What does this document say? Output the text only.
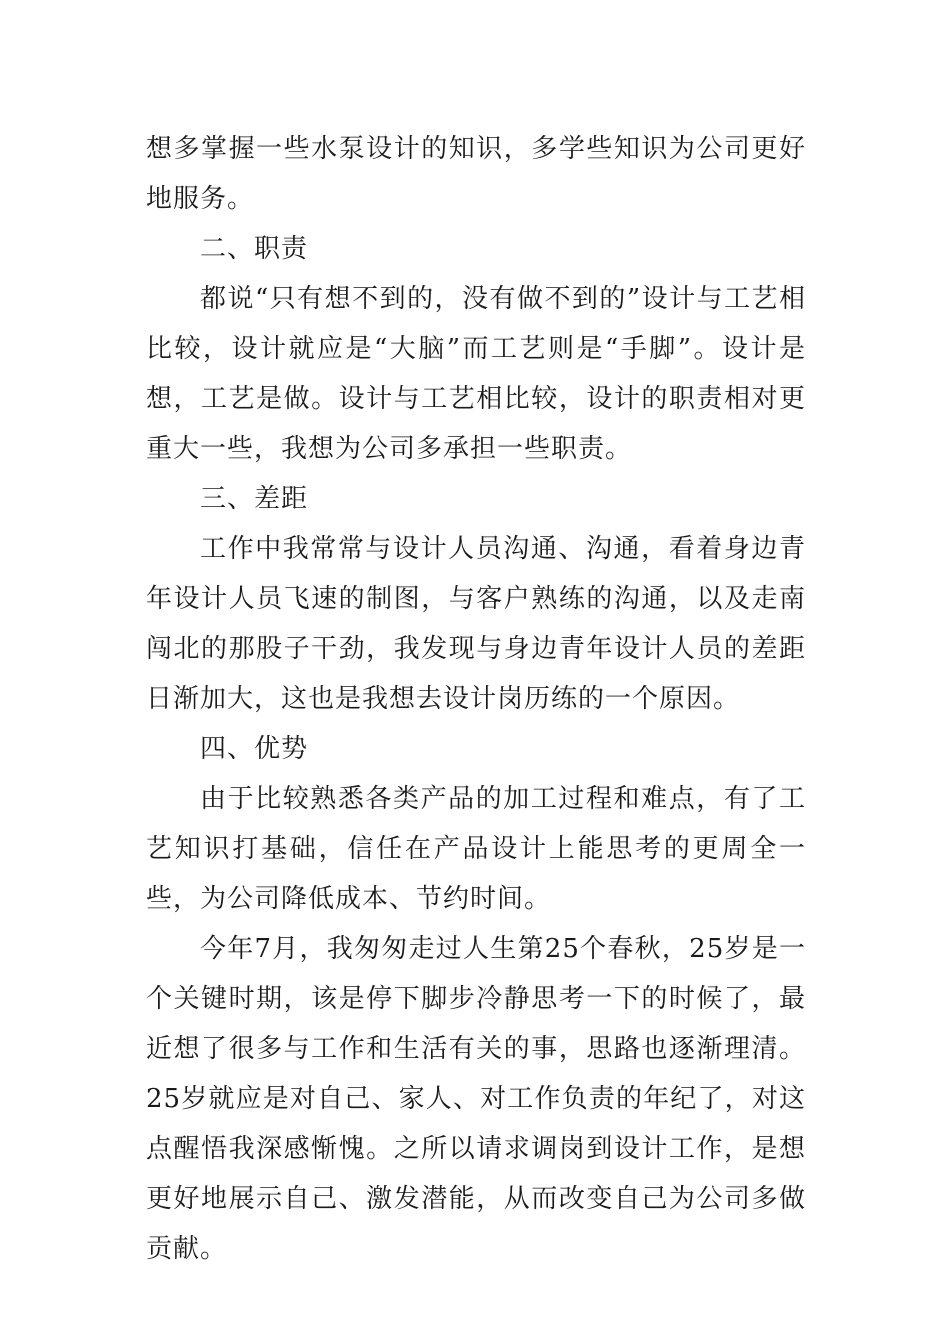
想多掌握一些水泵设计的知识，多学些知识为公司更好地服务。

二、职责

都说“只有想不到的，没有做不到的”设计与工艺相比较，设计就应是“大脑”而工艺则是“手脚”。设计是想，工艺是做。设计与工艺相比较，设计的职责相对更重大一些，我想为公司多承担一些职责。

三、差距

工作中我常常与设计人员沟通、沟通，看着身边青年设计人员飞速的制图，与客户熟练的沟通，以及走南闯北的那股子干劲，我发现与身边青年设计人员的差距日渐加大，这也是我想去设计岗历练的一个原因。

四、优势

由于比较熟悉各类产品的加工过程和难点，有了工艺知识打基础，信任在产品设计上能思考的更周全一些，为公司降低成本、节约时间。

今年7月，我匆匆走过人生第25个春秋，25岁是一个关键时期，该是停下脚步冷静思考一下的时候了，最近想了很多与工作和生活有关的事，思路也逐渐理清。25岁就应是对自己、家人、对工作负责的年纪了，对这点醒悟我深感惭愧。之所以请求调岗到设计工作，是想更好地展示自己、激发潜能，从而改变自己为公司多做贡献。
